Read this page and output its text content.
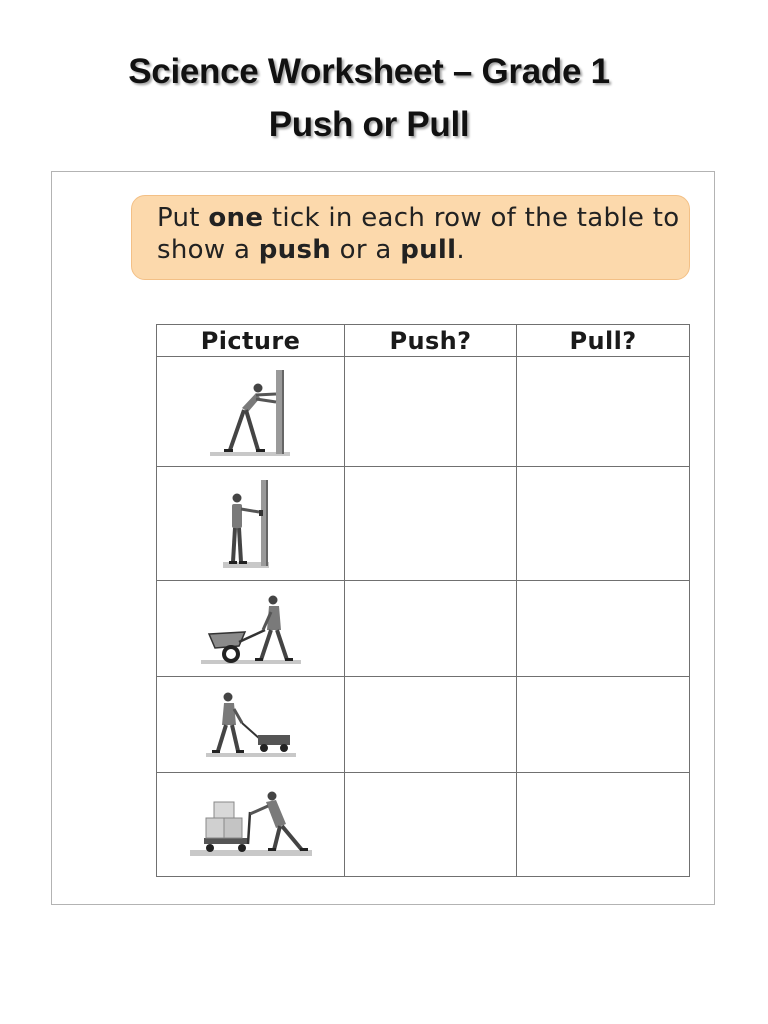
Science Worksheet – Grade 1
Push or Pull
Put one tick in each row of the table to show a push or a pull.
Picture	Push?	Pull?
